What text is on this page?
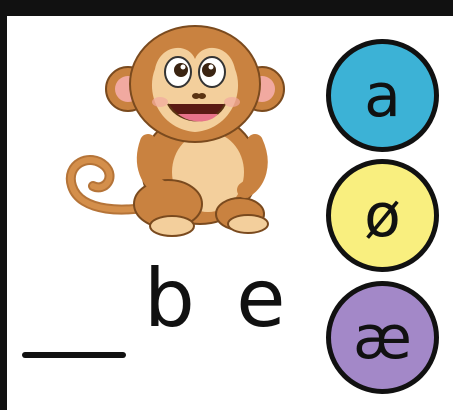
a
ø
æ
b e
